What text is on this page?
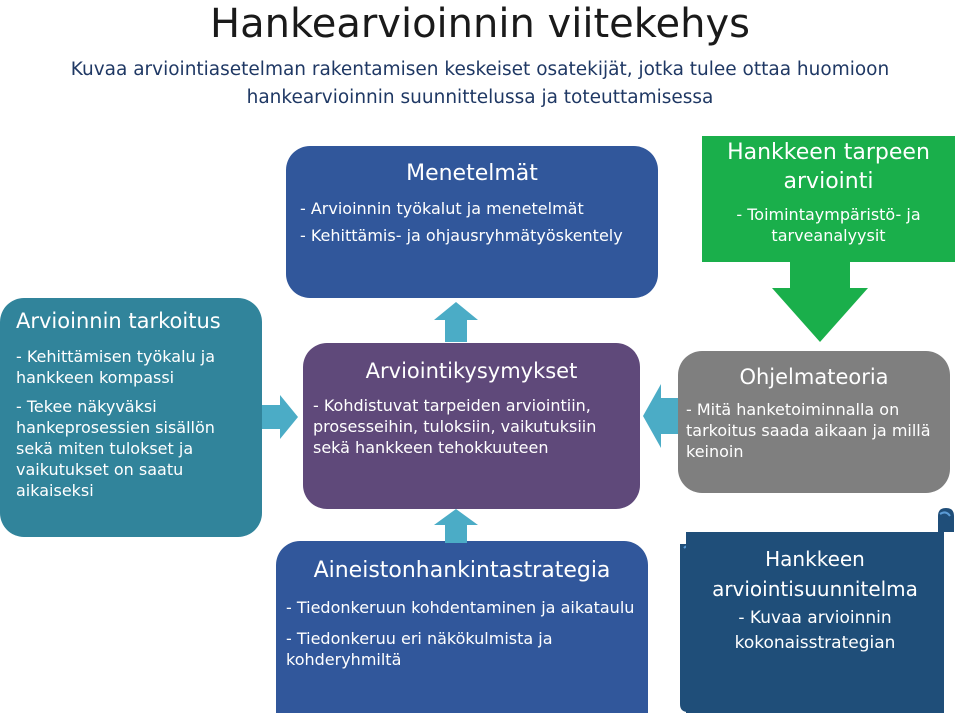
Hankearvioinnin viitekehys
Kuvaa arviointiasetelman rakentamisen keskeiset osatekijät, jotka tulee ottaa huomioon hankearvioinnin suunnittelussa ja toteuttamisessa
Arvioinnin tarkoitus
- Kehittämisen työkalu ja hankkeen kompassi
- Tekee näkyväksi hankeprosessien sisällön sekä miten tulokset ja vaikutukset on saatu aikaiseksi
Menetelmät
- Arvioinnin työkalut ja menetelmät
- Kehittämis- ja ohjausryhmätyöskentely
Arviointikysymykset
- Kohdistuvat tarpeiden arviointiin, prosesseihin, tuloksiin, vaikutuksiin sekä hankkeen tehokkuuteen
Aineistonhankintastrategia
- Tiedonkeruun kohdentaminen ja aikataulu
- Tiedonkeruu eri näkökulmista ja kohderyhmiltä
Hankkeen tarpeen arviointi

- Toimintaympäristö- ja tarveanalyysit

Ohjelmateoria

- Mitä hanketoiminnalla on tarkoitus saada aikaan ja millä keinoin

Hankkeen arviointisuunnitelma

- Kuvaa arvioinnin kokonaisstrategian
